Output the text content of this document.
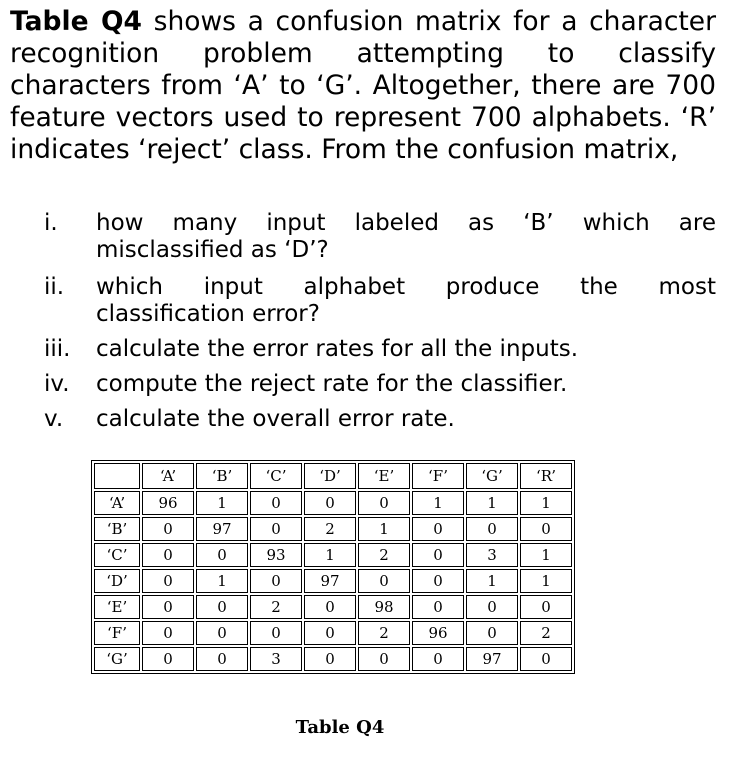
Table Q4 shows a confusion matrix for a character recognition problem attempting to classify characters from ‘A’ to ‘G’. Altogether, there are 700 feature vectors used to represent 700 alphabets. ‘R’ indicates ‘reject’ class. From the confusion matrix,
i.	how many input labeled as ‘B’ which are
misclassified as ‘D’?
ii.	which input alphabet produce the most
classification error?
iii.	calculate the error rates for all the inputs.
iv.	compute the reject rate for the classifier.
v.	calculate the overall error rate.
	‘A’	‘B’	‘C’	‘D’	‘E’	‘F’	‘G’	‘R’
‘A’	96	1	0	0	0	1	1	1
‘B’	0	97	0	2	1	0	0	0
‘C’	0	0	93	1	2	0	3	1
‘D’	0	1	0	97	0	0	1	1
‘E’	0	0	2	0	98	0	0	0
‘F’	0	0	0	0	2	96	0	2
‘G’	0	0	3	0	0	0	97	0
Table Q4
